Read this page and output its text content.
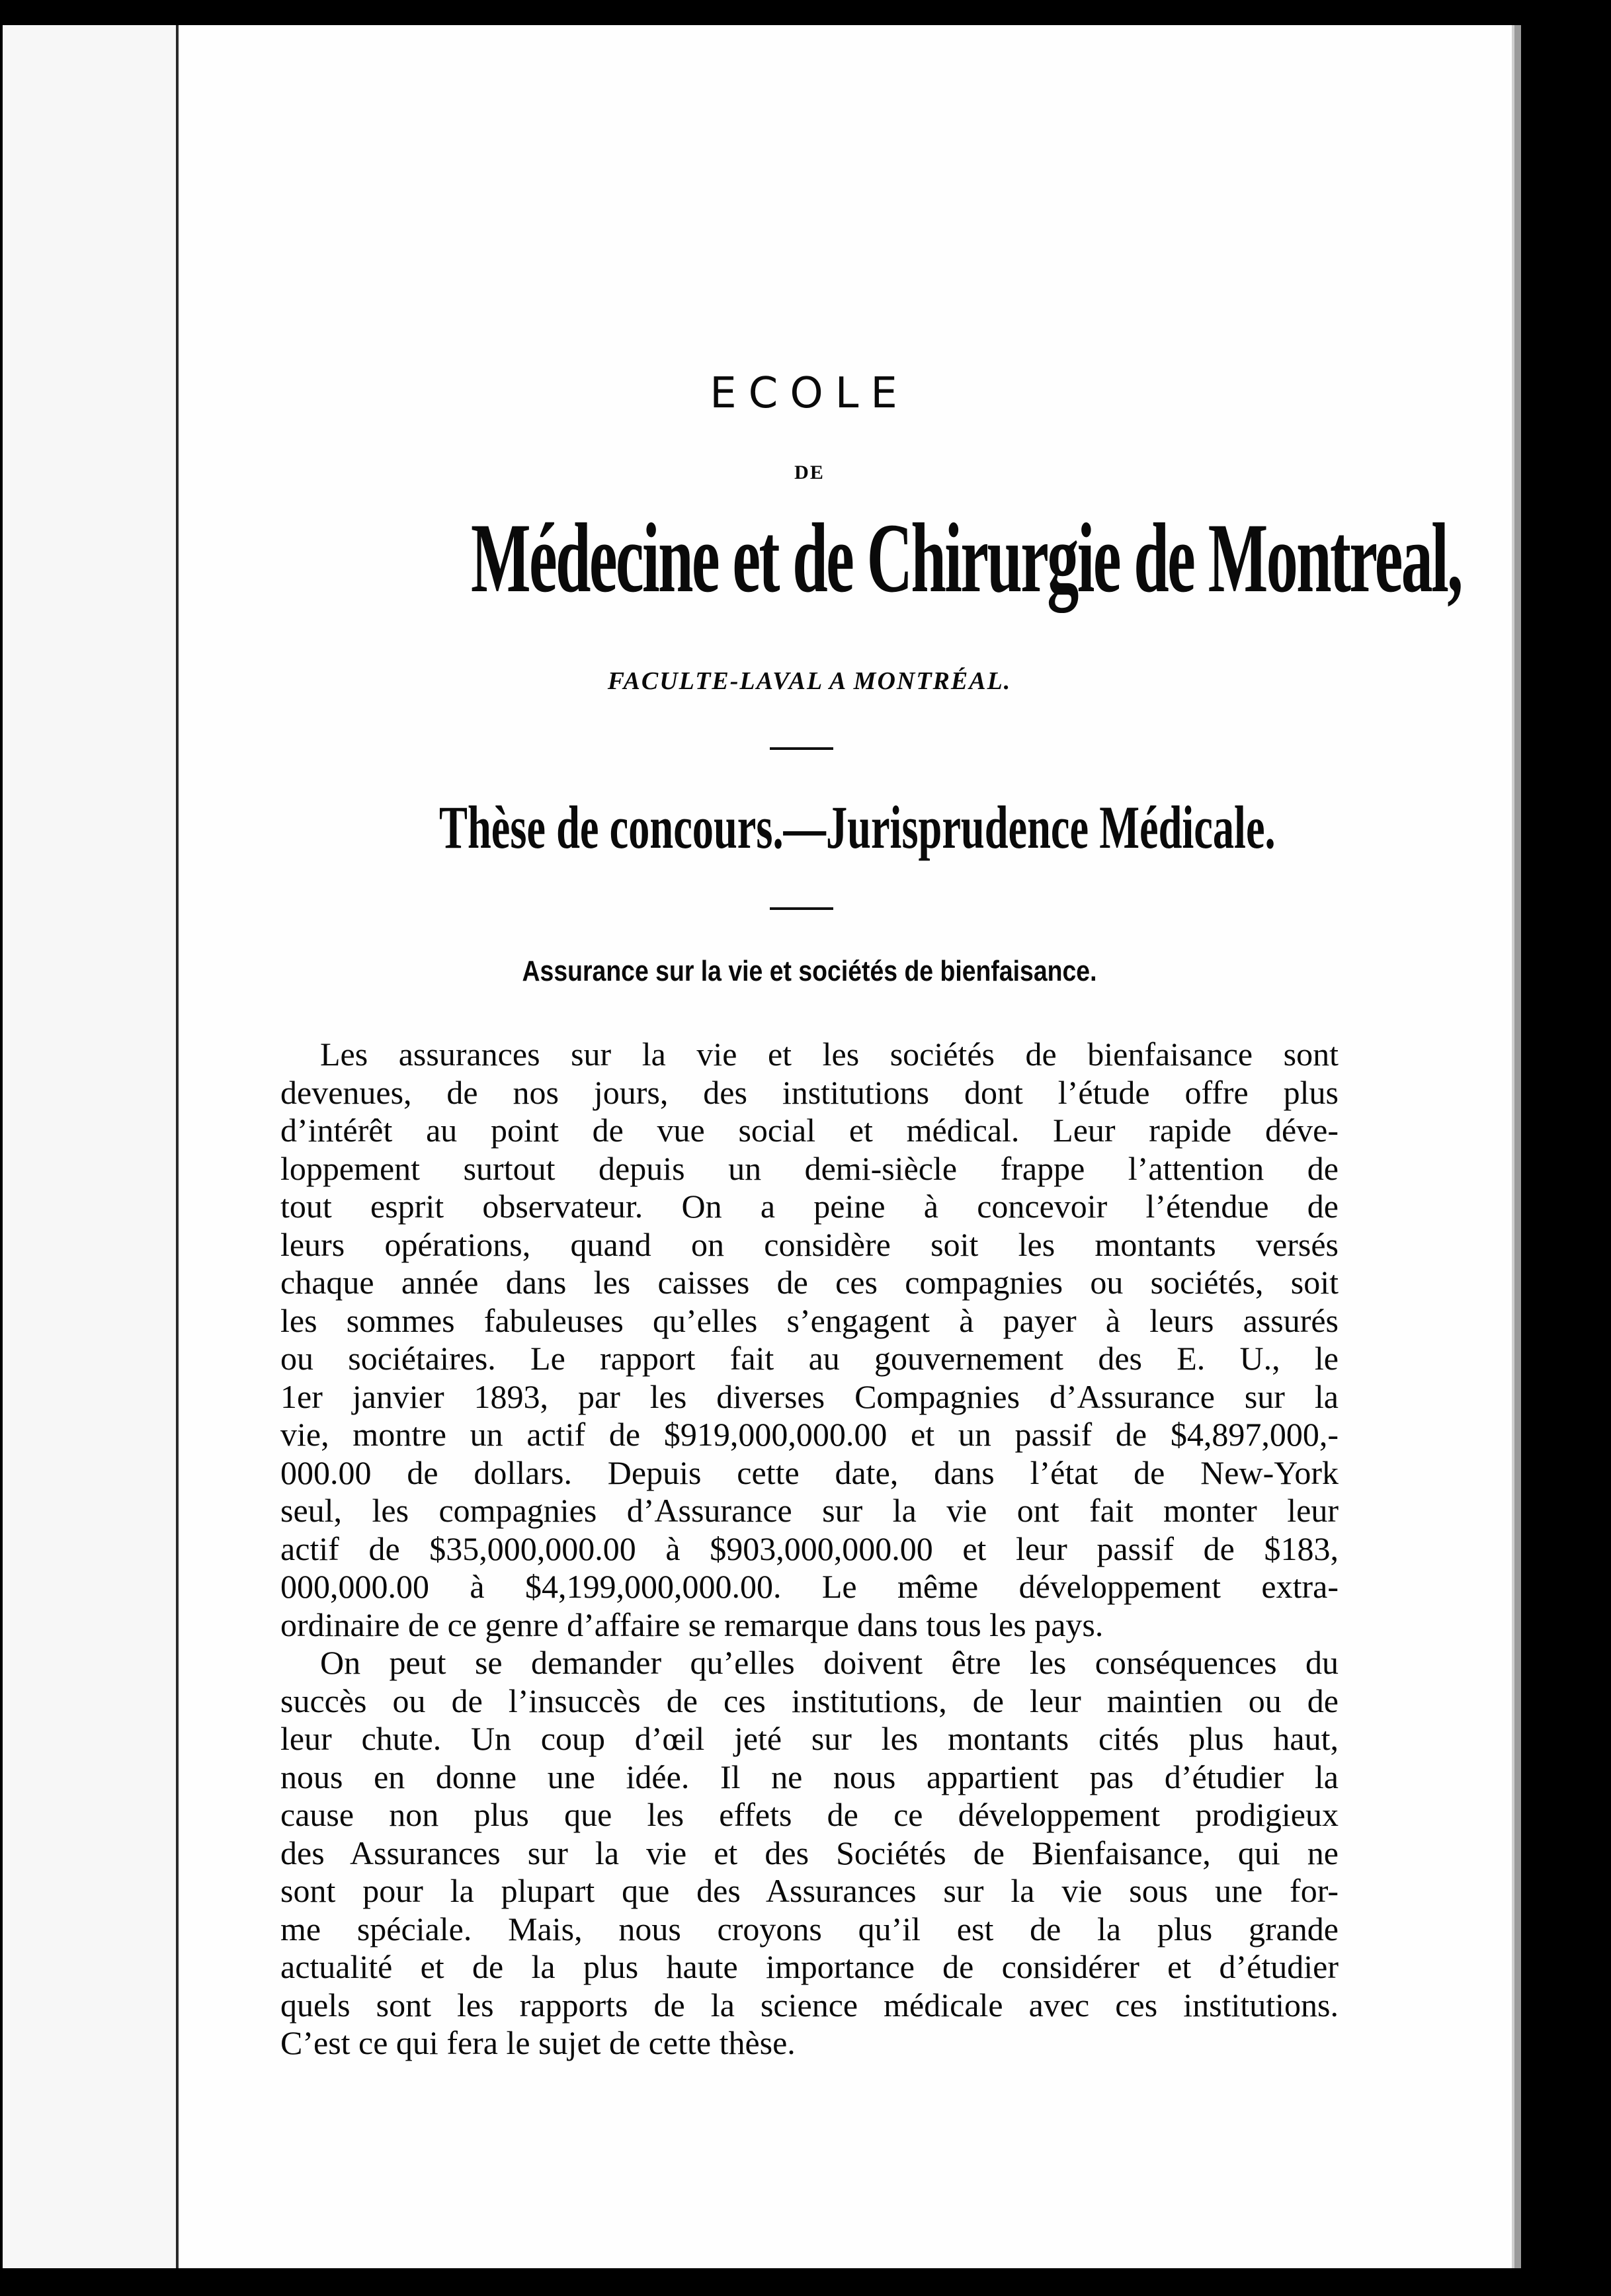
ECOLE
DE
Médecine et de Chirurgie de Montreal,
FACULTE-LAVAL A MONTRÉAL.
Thèse de concours.—Jurisprudence Médicale.
Assurance sur la vie et sociétés de bienfaisance.
Les assurances sur la vie et les sociétés de bienfaisance sont
devenues, de nos jours, des institutions dont l’étude offre plus
d’intérêt au point de vue social et médical. Leur rapide déve-
loppement surtout depuis un demi-siècle frappe l’attention de
tout esprit observateur. On a peine à concevoir l’étendue de
leurs opérations, quand on considère soit les montants versés
chaque année dans les caisses de ces compagnies ou sociétés, soit
les sommes fabuleuses qu’elles s’engagent à payer à leurs assurés
ou sociétaires. Le rapport fait au gouvernement des E. U., le
1er janvier 1893, par les diverses Compagnies d’Assurance sur la
vie, montre un actif de $919,000,000.00 et un passif de $4,897,000,-
000.00 de dollars. Depuis cette date, dans l’état de New-York
seul, les compagnies d’Assurance sur la vie ont fait monter leur
actif de $35,000,000.00 à $903,000,000.00 et leur passif de $183,
000,000.00 à $4,199,000,000.00. Le même développement extra-
ordinaire de ce genre d’affaire se remarque dans tous les pays.
On peut se demander qu’elles doivent être les conséquences du
succès ou de l’insuccès de ces institutions, de leur maintien ou de
leur chute. Un coup d’œil jeté sur les montants cités plus haut,
nous en donne une idée. Il ne nous appartient pas d’étudier la
cause non plus que les effets de ce développement prodigieux
des Assurances sur la vie et des Sociétés de Bienfaisance, qui ne
sont pour la plupart que des Assurances sur la vie sous une for-
me spéciale. Mais, nous croyons qu’il est de la plus grande
actualité et de la plus haute importance de considérer et d’étudier
quels sont les rapports de la science médicale avec ces institutions.
C’est ce qui fera le sujet de cette thèse.
